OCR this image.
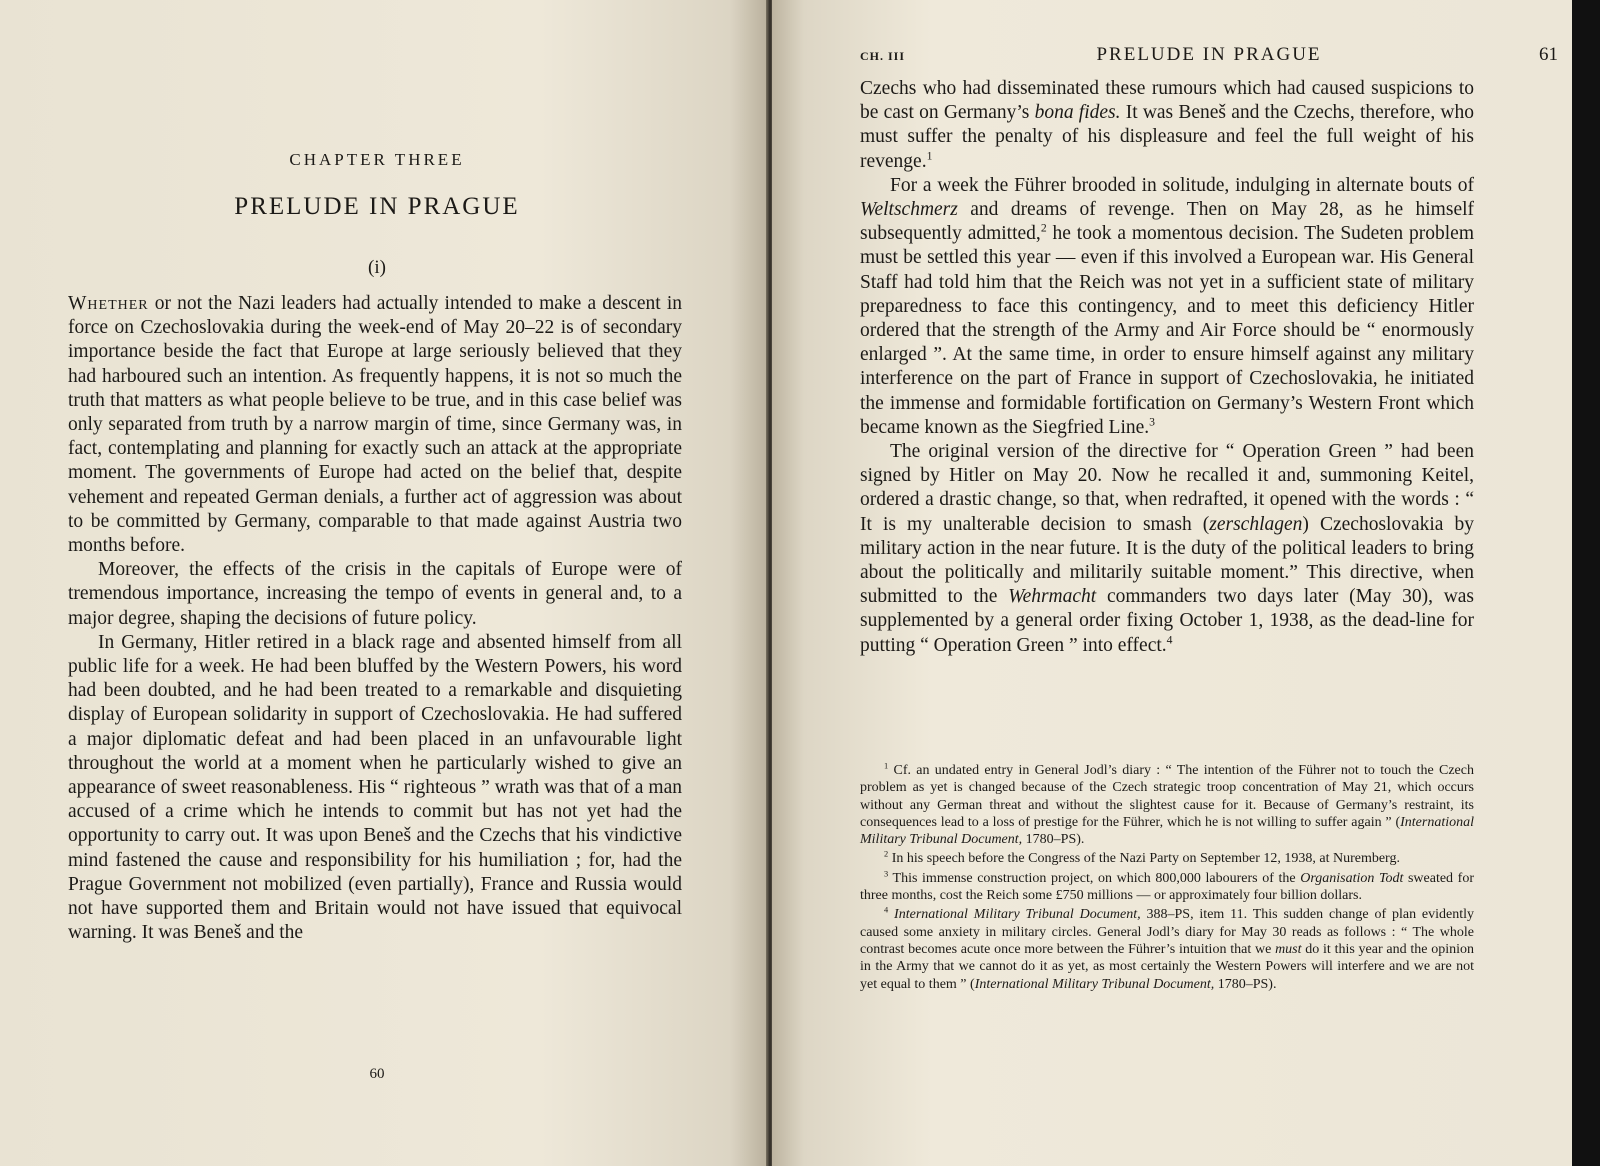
CHAPTER THREE
PRELUDE IN PRAGUE
(i)

Whether or not the Nazi leaders had actually intended to make a descent in force on Czechoslovakia during the week-end of May 20–22 is of secondary importance beside the fact that Europe at large seriously believed that they had harboured such an intention. As frequently happens, it is not so much the truth that matters as what people believe to be true, and in this case belief was only separated from truth by a narrow margin of time, since Germany was, in fact, contemplating and planning for exactly such an attack at the appropriate moment. The governments of Europe had acted on the belief that, despite vehement and repeated German denials, a further act of aggression was about to be committed by Germany, comparable to that made against Austria two months before.

Moreover, the effects of the crisis in the capitals of Europe were of tremendous importance, increasing the tempo of events in general and, to a major degree, shaping the decisions of future policy.

In Germany, Hitler retired in a black rage and absented himself from all public life for a week. He had been bluffed by the Western Powers, his word had been doubted, and he had been treated to a remarkable and disquieting display of European solidarity in support of Czechoslovakia. He had suffered a major diplomatic defeat and had been placed in an unfavourable light throughout the world at a moment when he particularly wished to give an appearance of sweet reasonableness. His “ righteous ” wrath was that of a man accused of a crime which he intends to commit but has not yet had the opportunity to carry out. It was upon Beneš and the Czechs that his vindictive mind fastened the cause and responsibility for his humiliation ; for, had the Prague Government not mobilized (even partially), France and Russia would not have supported them and Britain would not have issued that equivocal warning. It was Beneš and the

60
CH. III	PRELUDE IN PRAGUE	61

Czechs who had disseminated these rumours which had caused suspicions to be cast on Germany’s bona fides. It was Beneš and the Czechs, therefore, who must suffer the penalty of his displeasure and feel the full weight of his revenge.$^1$

For a week the Führer brooded in solitude, indulging in alternate bouts of Weltschmerz and dreams of revenge. Then on May 28, as he himself subsequently admitted,$^2$ he took a momentous decision. The Sudeten problem must be settled this year — even if this involved a European war. His General Staff had told him that the Reich was not yet in a sufficient state of military preparedness to face this contingency, and to meet this deficiency Hitler ordered that the strength of the Army and Air Force should be “ enormously enlarged ”. At the same time, in order to ensure himself against any military interference on the part of France in support of Czechoslovakia, he initiated the immense and formidable fortification on Germany’s Western Front which became known as the Siegfried Line.$^3$

The original version of the directive for “ Operation Green ” had been signed by Hitler on May 20. Now he recalled it and, summoning Keitel, ordered a drastic change, so that, when redrafted, it opened with the words : “ It is my unalterable decision to smash (zerschlagen) Czechoslovakia by military action in the near future. It is the duty of the political leaders to bring about the politically and militarily suitable moment.” This directive, when submitted to the Wehrmacht commanders two days later (May 30), was supplemented by a general order fixing October 1, 1938, as the dead-line for putting “ Operation Green ” into effect.$^4$

$^1$ Cf. an undated entry in General Jodl’s diary : “ The intention of the Führer not to touch the Czech problem as yet is changed because of the Czech strategic troop concentration of May 21, which occurs without any German threat and without the slightest cause for it. Because of Germany’s restraint, its consequences lead to a loss of prestige for the Führer, which he is not willing to suffer again ” (International Military Tribunal Document, 1780–PS).

$^2$ In his speech before the Congress of the Nazi Party on September 12, 1938, at Nuremberg.

$^3$ This immense construction project, on which 800,000 labourers of the Organisation Todt sweated for three months, cost the Reich some £750 millions — or approximately four billion dollars.

$^4$ International Military Tribunal Document, 388–PS, item 11. This sudden change of plan evidently caused some anxiety in military circles. General Jodl’s diary for May 30 reads as follows : “ The whole contrast becomes acute once more between the Führer’s intuition that we must do it this year and the opinion in the Army that we cannot do it as yet, as most certainly the Western Powers will interfere and we are not yet equal to them ” (International Military Tribunal Document, 1780–PS).
